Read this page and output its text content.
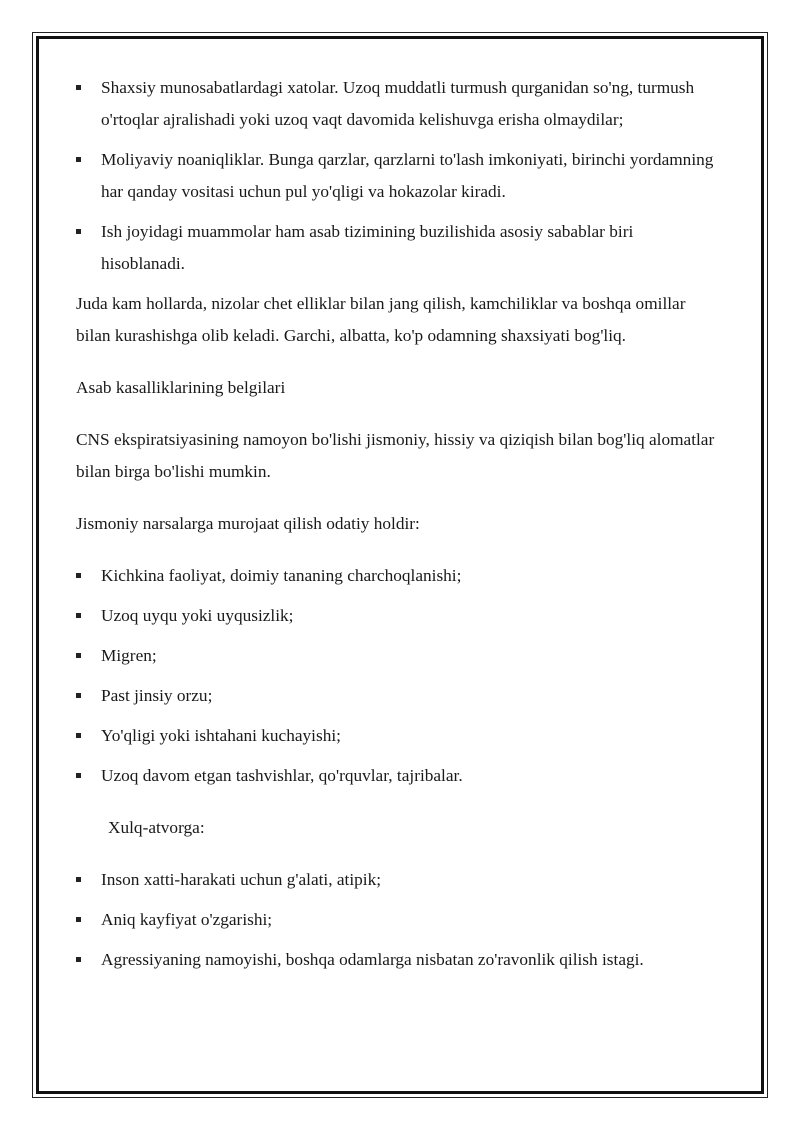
Shaxsiy munosabatlardagi xatolar. Uzoq muddatli turmush qurganidan so'ng, turmush o'rtoqlar ajralishadi yoki uzoq vaqt davomida kelishuvga erisha olmaydilar;
Moliyaviy noaniqliklar. Bunga qarzlar, qarzlarni to'lash imkoniyati, birinchi yordamning har qanday vositasi uchun pul yo'qligi va hokazolar kiradi.
Ish joyidagi muammolar ham asab tizimining buzilishida asosiy sabablar biri hisoblanadi.

Juda kam hollarda, nizolar chet elliklar bilan jang qilish, kamchiliklar va boshqa omillar bilan kurashishga olib keladi. Garchi, albatta, ko'p odamning shaxsiyati bog'liq.

Asab kasalliklarining belgilari

CNS ekspiratsiyasining namoyon bo'lishi jismoniy, hissiy va qiziqish bilan bog'liq alomatlar bilan birga bo'lishi mumkin.

Jismoniy narsalarga murojaat qilish odatiy holdir:

Kichkina faoliyat, doimiy tananing charchoqlanishi;
Uzoq uyqu yoki uyqusizlik;
Migren;
Past jinsiy orzu;
Yo'qligi yoki ishtahani kuchayishi;
Uzoq davom etgan tashvishlar, qo'rquvlar, tajribalar.

Xulq-atvorga:

Inson xatti-harakati uchun g'alati, atipik;
Aniq kayfiyat o'zgarishi;
Agressiyaning namoyishi, boshqa odamlarga nisbatan zo'ravonlik qilish istagi.
